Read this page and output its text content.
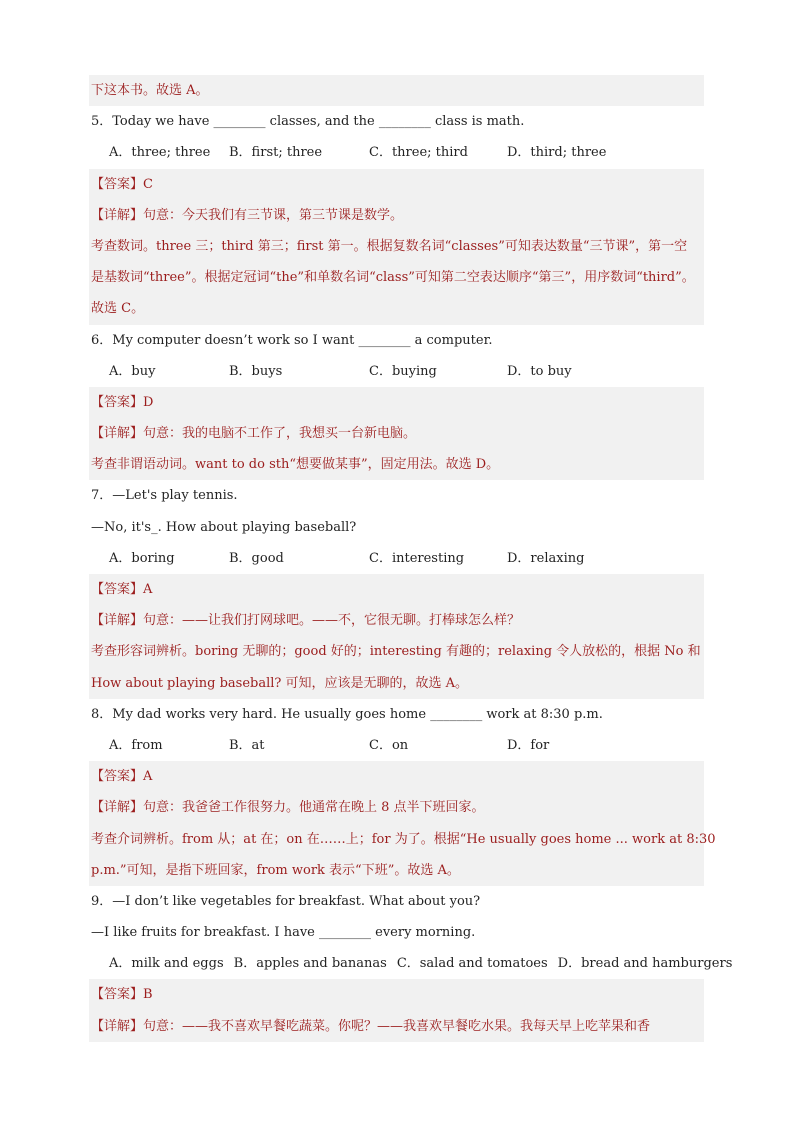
下这本书。故选 A。
5．Today we have ________ classes, and the ________ class is math.
A．three; three	B．first; three	C．three; third	D．third; three
【答案】C
【详解】句意：今天我们有三节课，第三节课是数学。
考查数词。three 三；third 第三；first 第一。根据复数名词“classes”可知表达数量“三节课”，第一空
是基数词“three”。根据定冠词“the”和单数名词“class”可知第二空表达顺序“第三”，用序数词“third”。
故选 C。
6．My computer doesn’t work so I want ________ a computer.
A．buy	B．buys	C．buying	D．to buy
【答案】D
【详解】句意：我的电脑不工作了，我想买一台新电脑。
考查非谓语动词。want to do sth“想要做某事”，固定用法。故选 D。
7．—Let's play tennis.
—No, it's_. How about playing baseball?
A．boring	B．good	C．interesting	D．relaxing
【答案】A
【详解】句意：——让我们打网球吧。——不，它很无聊。打棒球怎么样？
考查形容词辨析。boring 无聊的；good 好的；interesting 有趣的；relaxing 令人放松的，根据 No 和
How about playing baseball? 可知，应该是无聊的，故选 A。
8．My dad works very hard. He usually goes home ________ work at 8:30 p.m.
A．from	B．at	C．on	D．for
【答案】A
【详解】句意：我爸爸工作很努力。他通常在晚上 8 点半下班回家。
考查介词辨析。from 从；at 在；on 在……上；for 为了。根据“He usually goes home ... work at 8:30
p.m.”可知，是指下班回家，from work 表示“下班”。故选 A。
9．—I don’t like vegetables for breakfast. What about you?
—I like fruits for breakfast. I have ________ every morning.
A．milk and eggs B．apples and bananas C．salad and tomatoes D．bread and hamburgers
【答案】B
【详解】句意：——我不喜欢早餐吃蔬菜。你呢？——我喜欢早餐吃水果。我每天早上吃苹果和香
